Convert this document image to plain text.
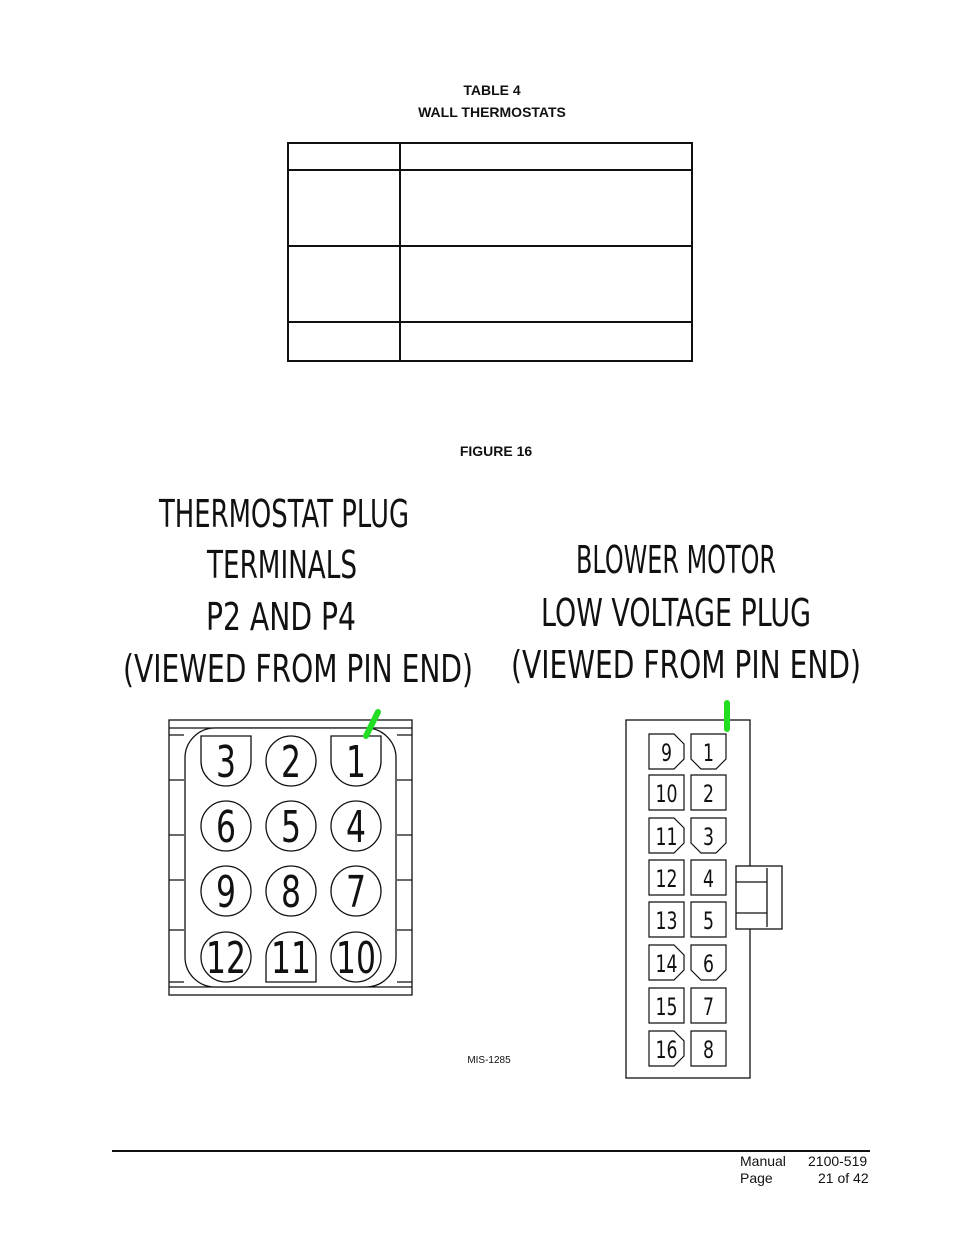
TABLE 4
WALL THERMOSTATS
FIGURE 16
THERMOSTAT PLUG
TERMINALS
P2 AND P4
(VIEWED FROM PIN END)
BLOWER MOTOR
LOW VOLTAGE PLUG
(VIEWED FROM PIN END)
3 2 1
6 5 4
9 8 7
12 11 10
9
10
11
12
13
14
15
16
1
2
3
4
5
6
7
8
MIS-1285
Manual 2100-519
Page	21 of 42
